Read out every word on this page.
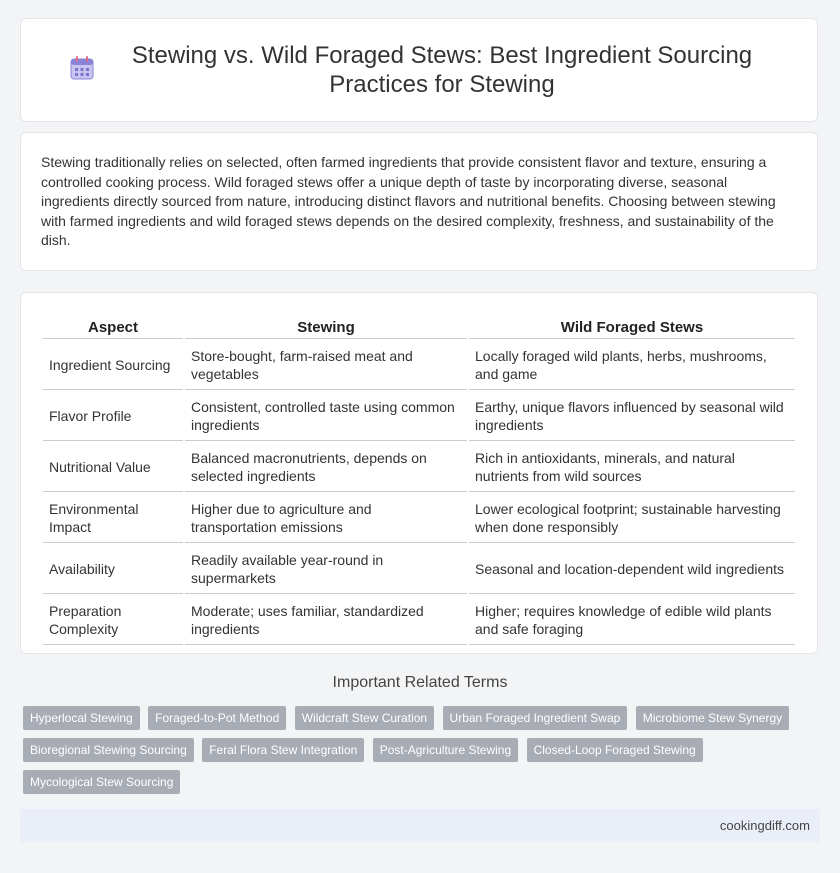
Stewing vs. Wild Foraged Stews: Best Ingredient Sourcing Practices for Stewing

Stewing traditionally relies on selected, often farmed ingredients that provide consistent flavor and texture, ensuring a controlled cooking process. Wild foraged stews offer a unique depth of taste by incorporating diverse, seasonal ingredients directly sourced from nature, introducing distinct flavors and nutritional benefits. Choosing between stewing with farmed ingredients and wild foraged stews depends on the desired complexity, freshness, and sustainability of the dish.

Aspect	Stewing	Wild Foraged Stews
Ingredient Sourcing	Store-bought, farm-raised meat and vegetables	Locally foraged wild plants, herbs, mushrooms, and game
Flavor Profile	Consistent, controlled taste using common ingredients	Earthy, unique flavors influenced by seasonal wild ingredients
Nutritional Value	Balanced macronutrients, depends on selected ingredients	Rich in antioxidants, minerals, and natural nutrients from wild sources
Environmental Impact	Higher due to agriculture and transportation emissions	Lower ecological footprint; sustainable harvesting when done responsibly
Availability	Readily available year-round in supermarkets	Seasonal and location-dependent wild ingredients
Preparation Complexity	Moderate; uses familiar, standardized ingredients	Higher; requires knowledge of edible wild plants and safe foraging
Important Related Terms
Hyperlocal Stewing Foraged-to-Pot Method Wildcraft Stew Curation Urban Foraged Ingredient Swap Microbiome Stew Synergy Bioregional Stewing Sourcing Feral Flora Stew Integration Post-Agriculture Stewing Closed-Loop Foraged Stewing Mycological Stew Sourcing
cookingdiff.com
